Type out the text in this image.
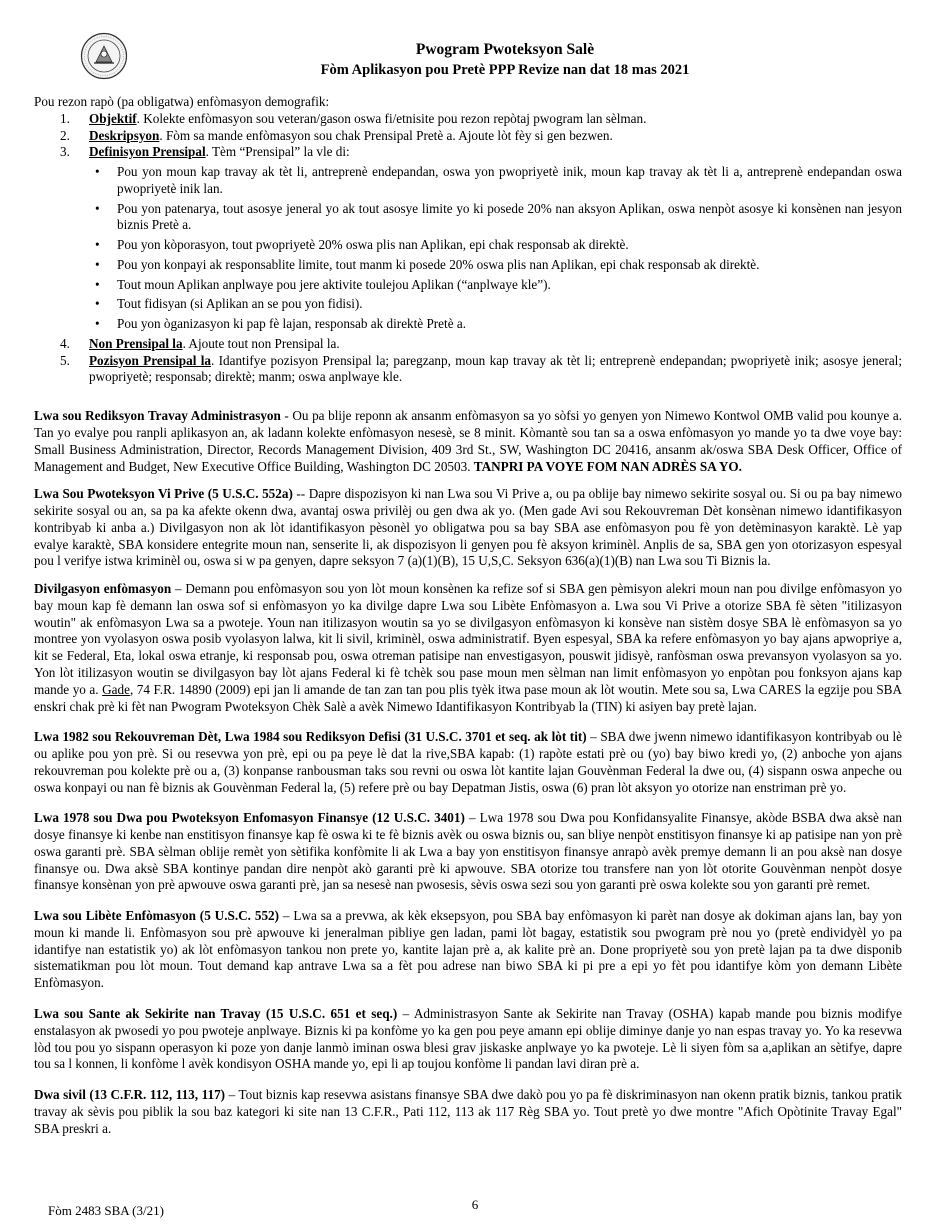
Pwogram Pwoteksyon Salè
Fòm Aplikasyon pou Pretè PPP Revize nan dat 18 mas 2021
Pou rezon rapò (pa obligatwa) enfòmasyon demografik:
1. Objektif. Kolekte enfòmasyon sou veteran/gason oswa fi/etnisite pou rezon repòtaj pwogram lan sèlman.
2. Deskripsyon. Fòm sa mande enfòmasyon sou chak Prensipal Pretè a. Ajoute lòt fèy si gen bezwen.
3. Definisyon Prensipal. Tèm “Prensipal” la vle di:
• Pou yon moun kap travay ak tèt li, antreprenè endepandan, oswa yon pwopriyetè inik, moun kap travay ak tèt li a, antreprenè endepandan oswa pwopriyetè inik lan.
• Pou yon patenarya, tout asosye jeneral yo ak tout asosye limite yo ki posede 20% nan aksyon Aplikan, oswa nenpòt asosye ki konsènen nan jesyon biznis Pretè a.
• Pou yon kòporasyon, tout pwopriyetè 20% oswa plis nan Aplikan, epi chak responsab ak direktè.
• Pou yon konpayi ak responsablite limite, tout manm ki posede 20% oswa plis nan Aplikan, epi chak responsab ak direktè.
• Tout moun Aplikan anplwaye pou jere aktivite toulejou Aplikan (“anplwaye kle”).
• Tout fidisyan (si Aplikan an se pou yon fidisi).
• Pou yon òganizasyon ki pap fè lajan, responsab ak direktè Pretè a.
4. Non Prensipal la. Ajoute tout non Prensipal la.
5. Pozisyon Prensipal la. Idantifye pozisyon Prensipal la; paregzanp, moun kap travay ak tèt li; entreprenè endepandan; pwopriyetè inik; asosye jeneral; pwopriyetè; responsab; direktè; manm; oswa anplwaye kle.

Lwa sou Rediksyon Travay Administrasyon - Ou pa blije reponn ak ansanm enfòmasyon sa yo sòfsi yo genyen yon Nimewo Kontwol OMB valid pou kounye a. Tan yo evalye pou ranpli aplikasyon an, ak ladann kolekte enfòmasyon nesesè, se 8 minit. Kòmantè sou tan sa a oswa enfòmasyon yo mande yo ta dwe voye bay: Small Business Administration, Director, Records Management Division, 409 3rd St., SW, Washington DC 20416, ansanm ak/oswa SBA Desk Officer, Office of Management and Budget, New Executive Office Building, Washington DC 20503. TANPRI PA VOYE FOM NAN ADRÈS SA YO.

Lwa Sou Pwoteksyon Vi Prive (5 U.S.C. 552a) -- Dapre dispozisyon ki nan Lwa sou Vi Prive a, ou pa oblije bay nimewo sekirite sosyal ou. Si ou pa bay nimewo sekirite sosyal ou an, sa pa ka afekte okenn dwa, avantaj oswa privilèj ou gen dwa ak yo. (Men gade Avi sou Rekouvreman Dèt konsènan nimewo idantifikasyon kontribyab ki anba a.) Divilgasyon non ak lòt idantifikasyon pèsonèl yo obligatwa pou sa bay SBA ase enfòmasyon pou fè yon detèminasyon karaktè. Lè yap evalye karaktè, SBA konsidere entegrite moun nan, senserite li, ak dispozisyon li genyen pou fè aksyon kriminèl. Anplis de sa, SBA gen yon otorizasyon espesyal pou l verifye istwa kriminèl ou, oswa si w pa genyen, dapre seksyon 7 (a)(1)(B), 15 U,S,C. Seksyon 636(a)(1)(B) nan Lwa sou Ti Biznis la.

Divilgasyon enfòmasyon – Demann pou enfòmasyon sou yon lòt moun konsènen ka refize sof si SBA gen pèmisyon alekri moun nan pou divilge enfòmasyon yo bay moun kap fè demann lan oswa sof si enfòmasyon yo ka divilge dapre Lwa sou Libète Enfòmasyon a. Lwa sou Vi Prive a otorize SBA fè sèten "itilizasyon woutin" ak enfòmasyon Lwa sa a pwoteje. Youn nan itilizasyon woutin sa yo se divilgasyon enfòmasyon ki konsève nan sistèm dosye SBA lè enfòmasyon sa yo montree yon vyolasyon oswa posib vyolasyon lalwa, kit li sivil, kriminèl, oswa administratif. Byen espesyal, SBA ka refere enfòmasyon yo bay ajans apwopriye a, kit se Federal, Eta, lokal oswa etranje, ki responsab pou, oswa otreman patisipe nan envestigasyon, pouswit jidisyè, ranfòsman oswa prevansyon vyolasyon sa yo. Yon lòt itilizasyon woutin se divilgasyon bay lòt ajans Federal ki fè tchèk sou pase moun men sèlman nan limit enfòmasyon yo enpòtan pou fonksyon ajans kap mande yo a. Gade, 74 F.R. 14890 (2009) epi jan li amande de tan zan tan pou plis tyèk itwa pase moun ak lòt woutin. Mete sou sa, Lwa CARES la egzije pou SBA enskri chak prè ki fèt nan Pwogram Pwoteksyon Chèk Salè a avèk Nimewo Idantifikasyon Kontribyab la (TIN) ki asiyen bay pretè lajan.

Lwa 1982 sou Rekouvreman Dèt, Lwa 1984 sou Rediksyon Defisi (31 U.S.C. 3701 et seq. ak lòt tit) – SBA dwe jwenn nimewo idantifikasyon kontribyab ou lè ou aplike pou yon prè. Si ou resevwa yon prè, epi ou pa peye lè dat la rive,SBA kapab: (1) rapòte estati prè ou (yo) bay biwo kredi yo, (2) anboche yon ajans rekouvreman pou kolekte prè ou a, (3) konpanse ranbousman taks sou revni ou oswa lòt kantite lajan Gouvènman Federal la dwe ou, (4) sispann oswa anpeche ou oswa konpayi ou nan fè biznis ak Gouvènman Federal la, (5) refere prè ou bay Depatman Jistis, oswa (6) pran lòt aksyon yo otorize nan enstriman prè yo.

Lwa 1978 sou Dwa pou Pwoteksyon Enfomasyon Finansye (12 U.S.C. 3401) – Lwa 1978 sou Dwa pou Konfidansyalite Finansye, akòde BSBA dwa aksè nan dosye finansye ki kenbe nan enstitisyon finansye kap fè oswa ki te fè biznis avèk ou oswa biznis ou, san bliye nenpòt enstitisyon finansye ki ap patisipe nan yon prè oswa garanti prè. SBA sèlman oblije remèt yon sètifika konfòmite li ak Lwa a bay yon enstitisyon finansye anrapò avèk premye demann li an pou aksè nan dosye finansye ou. Dwa aksè SBA kontinye pandan dire nenpòt akò garanti prè ki apwouve. SBA otorize tou transfere nan yon lòt otorite Gouvènman nenpòt dosye finansye konsènan yon prè apwouve oswa garanti prè, jan sa nesesè nan pwosesis, sèvis oswa sezi sou yon garanti prè oswa kolekte sou yon garanti prè remet.

Lwa sou Libète Enfòmasyon (5 U.S.C. 552) – Lwa sa a prevwa, ak kèk eksepsyon, pou SBA bay enfòmasyon ki parèt nan dosye ak dokiman ajans lan, bay yon moun ki mande li. Enfòmasyon sou prè apwouve ki jeneralman pibliye gen ladan, pami lòt bagay, estatistik sou pwogram prè nou yo (pretè endividyèl yo pa idantifye nan estatistik yo) ak lòt enfòmasyon tankou non prete yo, kantite lajan prè a, ak kalite prè an. Done propriyetè sou yon pretè lajan pa ta dwe disponib sistematikman pou lòt moun. Tout demand kap antrave Lwa sa a fèt pou adrese nan biwo SBA ki pi pre a epi yo fèt pou idantifye kòm yon demann Libète Enfòmasyon.

Lwa sou Sante ak Sekirite nan Travay (15 U.S.C. 651 et seq.) – Administrasyon Sante ak Sekirite nan Travay (OSHA) kapab mande pou biznis modifye enstalasyon ak pwosedi yo pou pwoteje anplwaye. Biznis ki pa konfòme yo ka gen pou peye amann epi oblije diminye danje yo nan espas travay yo. Yo ka resevwa lòd tou pou yo sispann operasyon ki poze yon danje lanmò iminan oswa blesi grav jiskaske anplwaye yo ka pwoteje. Lè li siyen fòm sa a,aplikan an sètifye, dapre tou sa l konnen, li konfòme l avèk kondisyon OSHA mande yo, epi li ap toujou konfòme li pandan lavi diran prè a.

Dwa sivil (13 C.F.R. 112, 113, 117) – Tout biznis kap resevwa asistans finansye SBA dwe dakò pou yo pa fè diskriminasyon nan okenn pratik biznis, tankou pratik travay ak sèvis pou piblik la sou baz kategori ki site nan 13 C.F.R., Pati 112, 113 ak 117 Règ SBA yo. Tout pretè yo dwe montre "Afich Opòtinite Travay Egal" SBA preskri a.

6
Fòm 2483 SBA (3/21)
